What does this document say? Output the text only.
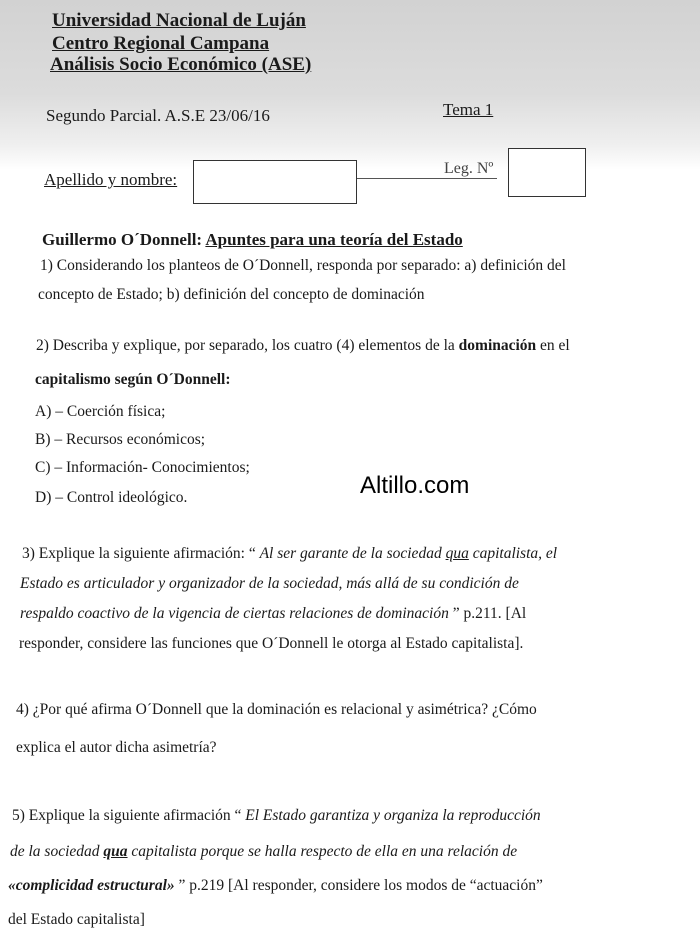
Universidad Nacional de Luján
Centro Regional Campana
Análisis Socio Económico (ASE)
Segundo Parcial. A.S.E 23/06/16	Tema 1
Apellido y nombre:
Leg. Nº
Guillermo O´Donnell: Apuntes para una teoría del Estado
1) Considerando los planteos de O´Donnell, responda por separado: a) definición del
concepto de Estado; b) definición del concepto de dominación
2) Describa y explique, por separado, los cuatro (4) elementos de la dominación en el
capitalismo según O´Donnell:
A) – Coerción física;
B) – Recursos económicos;
C) – Información- Conocimientos;
D) – Control ideológico.	Altillo.com
3) Explique la siguiente afirmación: “ Al ser garante de la sociedad qua capitalista, el
Estado es articulador y organizador de la sociedad, más allá de su condición de
respaldo coactivo de la vigencia de ciertas relaciones de dominación ” p.211. [Al
responder, considere las funciones que O´Donnell le otorga al Estado capitalista].
4) ¿Por qué afirma O´Donnell que la dominación es relacional y asimétrica? ¿Cómo
explica el autor dicha asimetría?
5) Explique la siguiente afirmación “ El Estado garantiza y organiza la reproducción
de la sociedad qua capitalista porque se halla respecto de ella en una relación de
«complicidad estructural» ” p.219 [Al responder, considere los modos de “actuación”
del Estado capitalista]
